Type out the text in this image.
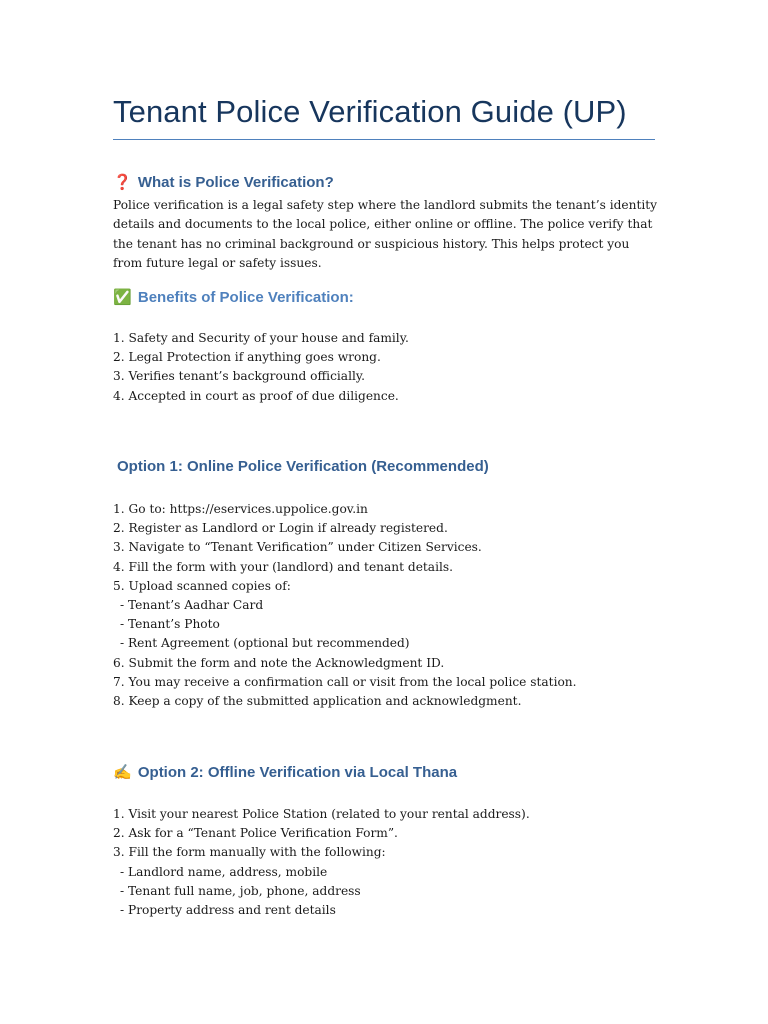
Tenant Police Verification Guide (UP)
❓ What is Police Verification?

Police verification is a legal safety step where the landlord submits the tenant’s identity details and documents to the local police, either online or offline. The police verify that the tenant has no criminal background or suspicious history. This helps protect you from future legal or safety issues.

✅ Benefits of Police Verification:
1. Safety and Security of your house and family.
2. Legal Protection if anything goes wrong.
3. Verifies tenant’s background officially.
4. Accepted in court as proof of due diligence.
Option 1: Online Police Verification (Recommended)
1. Go to: https://eservices.uppolice.gov.in
2. Register as Landlord or Login if already registered.
3. Navigate to “Tenant Verification” under Citizen Services.
4. Fill the form with your (landlord) and tenant details.
5. Upload scanned copies of:
- Tenant’s Aadhar Card
- Tenant’s Photo
- Rent Agreement (optional but recommended)
6. Submit the form and note the Acknowledgment ID.
7. You may receive a confirmation call or visit from the local police station.
8. Keep a copy of the submitted application and acknowledgment.
✍ Option 2: Offline Verification via Local Thana
1. Visit your nearest Police Station (related to your rental address).
2. Ask for a “Tenant Police Verification Form”.
3. Fill the form manually with the following:
- Landlord name, address, mobile
- Tenant full name, job, phone, address
- Property address and rent details
